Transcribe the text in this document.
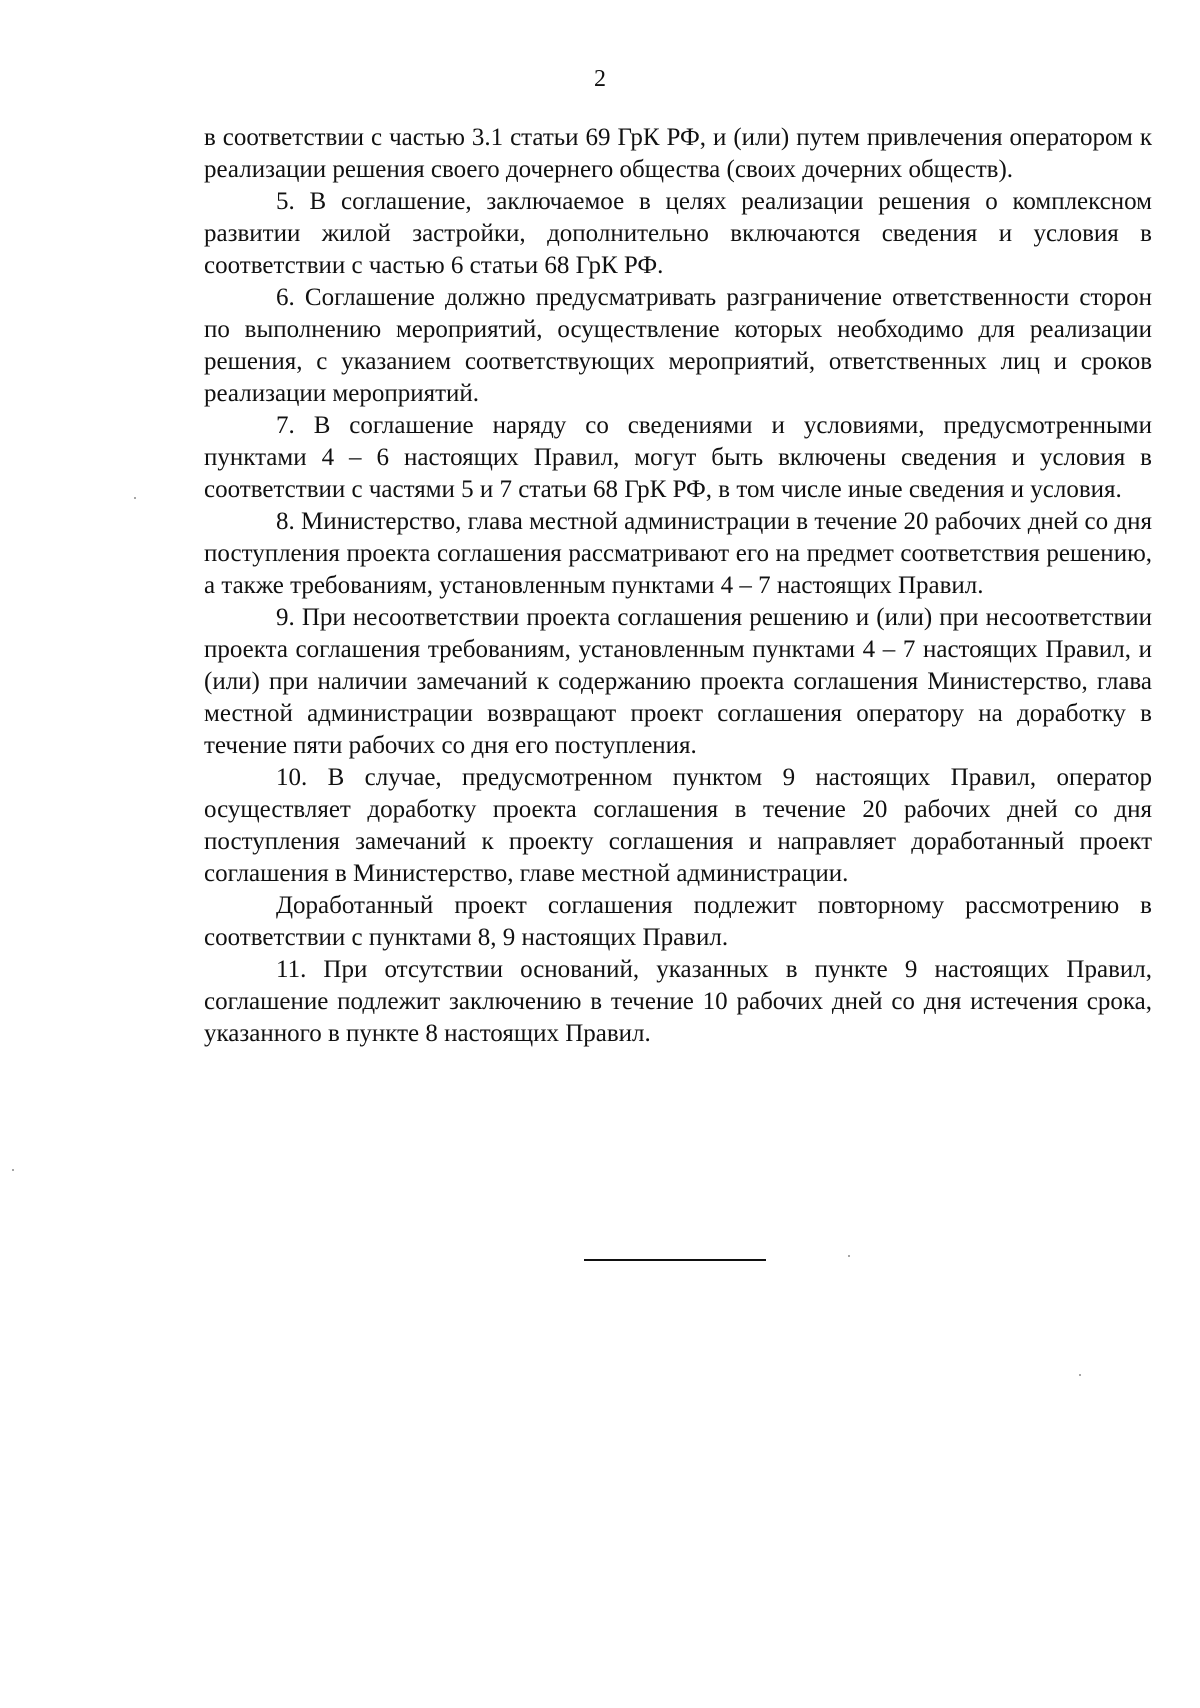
2

в соответствии с частью 3.1 статьи 69 ГрК РФ, и (или) путем привлечения оператором к реализации решения своего дочернего общества (своих дочерних обществ).

5. В соглашение, заключаемое в целях реализации решения о комплексном развитии жилой застройки, дополнительно включаются сведения и условия в соответствии с частью 6 статьи 68 ГрК РФ.

6. Соглашение должно предусматривать разграничение ответственности сторон по выполнению мероприятий, осуществление которых необходимо для реализации решения, с указанием соответствующих мероприятий, ответственных лиц и сроков реализации мероприятий.

7. В соглашение наряду со сведениями и условиями, предусмотренными пунктами 4 – 6 настоящих Правил, могут быть включены сведения и условия в соответствии с частями 5 и 7 статьи 68 ГрК РФ, в том числе иные сведения и условия.

8. Министерство, глава местной администрации в течение 20 рабочих дней со дня поступления проекта соглашения рассматривают его на предмет соответствия решению, а также требованиям, установленным пунктами 4 – 7 настоящих Правил.

9. При несоответствии проекта соглашения решению и (или) при несоответствии проекта соглашения требованиям, установленным пунктами 4 – 7 настоящих Правил, и (или) при наличии замечаний к содержанию проекта соглашения Министерство, глава местной администрации возвращают проект соглашения оператору на доработку в течение пяти рабочих со дня его поступления.

10. В случае, предусмотренном пунктом 9 настоящих Правил, оператор осуществляет доработку проекта соглашения в течение 20 рабочих дней со дня поступления замечаний к проекту соглашения и направляет доработанный проект соглашения в Министерство, главе местной администрации.

Доработанный проект соглашения подлежит повторному рассмотрению в соответствии с пунктами 8, 9 настоящих Правил.

11. При отсутствии оснований, указанных в пункте 9 настоящих Правил, соглашение подлежит заключению в течение 10 рабочих дней со дня истечения срока, указанного в пункте 8 настоящих Правил.
